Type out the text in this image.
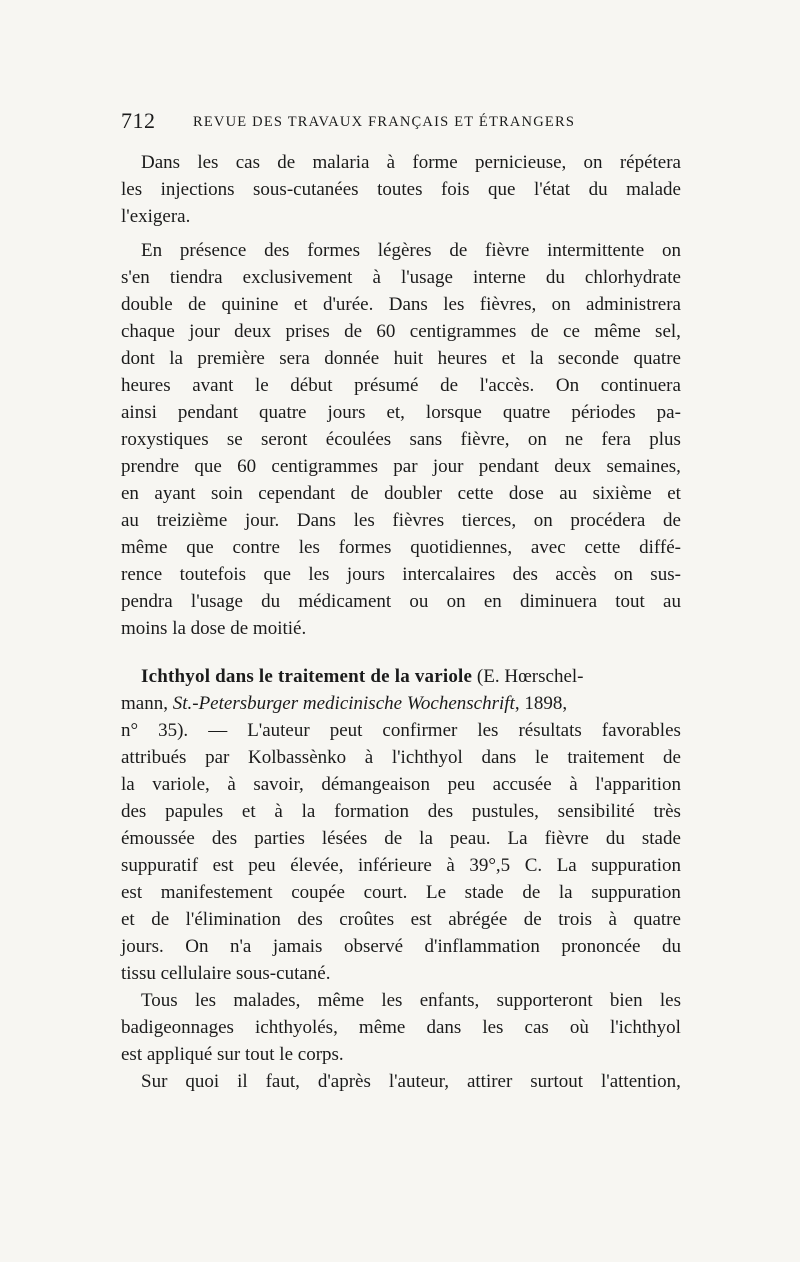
712	REVUE DES TRAVAUX FRANÇAIS ET ÉTRANGERS
Dans les cas de malaria à forme pernicieuse, on répétera
les injections sous-cutanées toutes fois que l'état du malade
l'exigera.
En présence des formes légères de fièvre intermittente on
s'en tiendra exclusivement à l'usage interne du chlorhydrate
double de quinine et d'urée. Dans les fièvres, on administrera
chaque jour deux prises de 60 centigrammes de ce même sel,
dont la première sera donnée huit heures et la seconde quatre
heures avant le début présumé de l'accès. On continuera
ainsi pendant quatre jours et, lorsque quatre périodes pa-
roxystiques se seront écoulées sans fièvre, on ne fera plus
prendre que 60 centigrammes par jour pendant deux semaines,
en ayant soin cependant de doubler cette dose au sixième et
au treizième jour. Dans les fièvres tierces, on procédera de
même que contre les formes quotidiennes, avec cette diffé-
rence toutefois que les jours intercalaires des accès on sus-
pendra l'usage du médicament ou on en diminuera tout au
moins la dose de moitié.
Ichthyol dans le traitement de la variole (E. Hœrschel-
mann, St.-Petersburger medicinische Wochenschrift, 1898,
n° 35). — L'auteur peut confirmer les résultats favorables
attribués par Kolbassènko à l'ichthyol dans le traitement de
la variole, à savoir, démangeaison peu accusée à l'apparition
des papules et à la formation des pustules, sensibilité très
émoussée des parties lésées de la peau. La fièvre du stade
suppuratif est peu élevée, inférieure à 39°,5 C. La suppuration
est manifestement coupée court. Le stade de la suppuration
et de l'élimination des croûtes est abrégée de trois à quatre
jours. On n'a jamais observé d'inflammation prononcée du
tissu cellulaire sous-cutané.
Tous les malades, même les enfants, supporteront bien les
badigeonnages ichthyolés, même dans les cas où l'ichthyol
est appliqué sur tout le corps.
Sur quoi il faut, d'après l'auteur, attirer surtout l'attention,
